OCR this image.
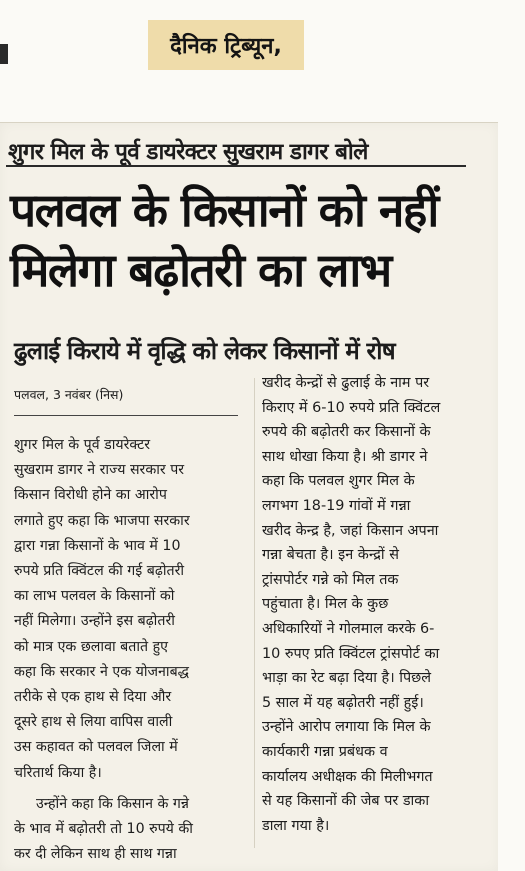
दैनिक ट्रिब्यून,
शुगर मिल के पूर्व डायरेक्टर सुखराम डागर बोले
पलवल के किसानों को नहीं
मिलेगा बढ़ोतरी का लाभ
ढुलाई किराये में वृद्धि को लेकर किसानों में रोष
पलवल, 3 नवंबर (निस)
शुगर मिल के पूर्व डायरेक्टर
सुखराम डागर ने राज्य सरकार पर
किसान विरोधी होने का आरोप
लगाते हुए कहा कि भाजपा सरकार
द्वारा गन्ना किसानों के भाव में 10
रुपये प्रति क्विंटल की गई बढ़ोतरी
का लाभ पलवल के किसानों को
नहीं मिलेगा। उन्होंने इस बढ़ोतरी
को मात्र एक छलावा बताते हुए
कहा कि सरकार ने एक योजनाबद्ध
तरीके से एक हाथ से दिया और
दूसरे हाथ से लिया वापिस वाली
उस कहावत को पलवल जिला में
चरितार्थ किया है।
उन्होंने कहा कि किसान के गन्ने
के भाव में बढ़ोतरी तो 10 रुपये की
कर दी लेकिन साथ ही साथ गन्ना
खरीद केन्द्रों से ढुलाई के नाम पर
किराए में 6-10 रुपये प्रति क्विंटल
रुपये की बढ़ोतरी कर किसानों के
साथ धोखा किया है। श्री डागर ने
कहा कि पलवल शुगर मिल के
लगभग 18-19 गांवों में गन्ना
खरीद केन्द्र है, जहां किसान अपना
गन्ना बेचता है। इन केन्द्रों से
ट्रांसपोर्टर गन्ने को मिल तक
पहुंचाता है। मिल के कुछ
अधिकारियों ने गोलमाल करके 6-
10 रुपए प्रति क्विंटल ट्रांसपोर्ट का
भाड़ा का रेट बढ़ा दिया है। पिछले
5 साल में यह बढ़ोतरी नहीं हुई।
उन्होंने आरोप लगाया कि मिल के
कार्यकारी गन्ना प्रबंधक व
कार्यालय अधीक्षक की मिलीभगत
से यह किसानों की जेब पर डाका
डाला गया है।
